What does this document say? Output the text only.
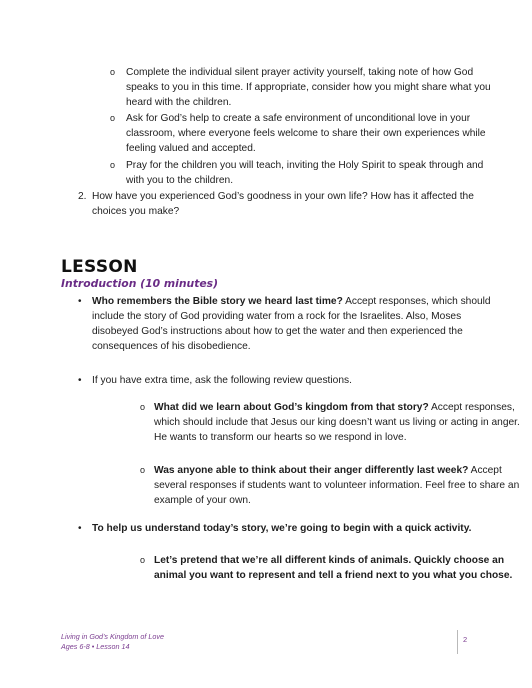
o Complete the individual silent prayer activity yourself, taking note of how God
speaks to you in this time. If appropriate, consider how you might share what you
heard with the children.
o Ask for God’s help to create a safe environment of unconditional love in your
classroom, where everyone feels welcome to share their own experiences while
feeling valued and accepted.
o Pray for the children you will teach, inviting the Holy Spirit to speak through and
with you to the children.
2. How have you experienced God’s goodness in your own life? How has it affected the
choices you make?
LESSON
Introduction (10 minutes)
• Who remembers the Bible story we heard last time? Accept responses, which should
include the story of God providing water from a rock for the Israelites. Also, Moses
disobeyed God’s instructions about how to get the water and then experienced the
consequences of his disobedience.
• If you have extra time, ask the following review questions.
o What did we learn about God’s kingdom from that story? Accept responses,
which should include that Jesus our king doesn’t want us living or acting in anger.
He wants to transform our hearts so we respond in love.
o Was anyone able to think about their anger differently last week? Accept
several responses if students want to volunteer information. Feel free to share an
example of your own.
• To help us understand today’s story, we’re going to begin with a quick activity.
o Let’s pretend that we’re all different kinds of animals. Quickly choose an
animal you want to represent and tell a friend next to you what you chose.
Living in God’s Kingdom of Love
Ages 6-8 • Lesson 14
2
